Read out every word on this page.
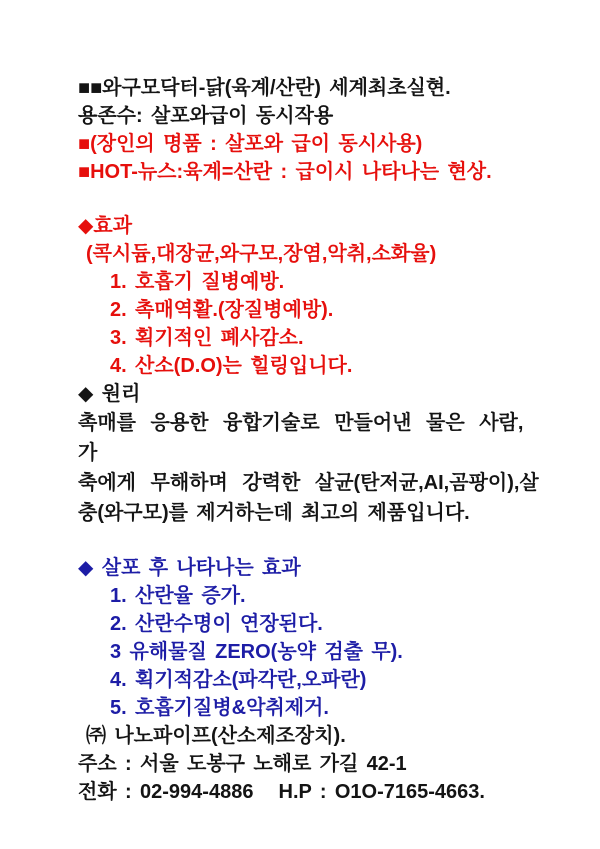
■■와구모닥터-닭(육계/산란) 세계최초실현.
용존수: 살포와급이 동시작용
■(장인의 명품 : 살포와 급이 동시사용)
■HOT-뉴스:육계=산란 : 급이시 나타나는 현상.
◆효과
(콕시듐,대장균,와구모,장염,악취,소화율)
1. 호흡기 질병예방.
2. 촉매역활.(장질병예방).
3. 획기적인 폐사감소.
4. 산소(D.O)는 힐링입니다.
◆ 원리
촉매를 응용한 융합기술로 만들어낸 물은 사람, 가
축에게 무해하며 강력한 살균(탄저균,AI,곰팡이),살
충(와구모)를 제거하는데 최고의 제품입니다.
◆ 살포 후 나타나는 효과
1. 산란율 증가.
2. 산란수명이 연장된다.
3 유해물질 ZERO(농약 검출 무).
4. 획기적감소(파각란,오파란)
5. 호흡기질병&악취제거.
㈜ 나노파이프(산소제조장치).
주소 : 서울 도봉구 노해로 가길 42-1
전화 : 02-994-4886   H.P : O1O-7165-4663.
